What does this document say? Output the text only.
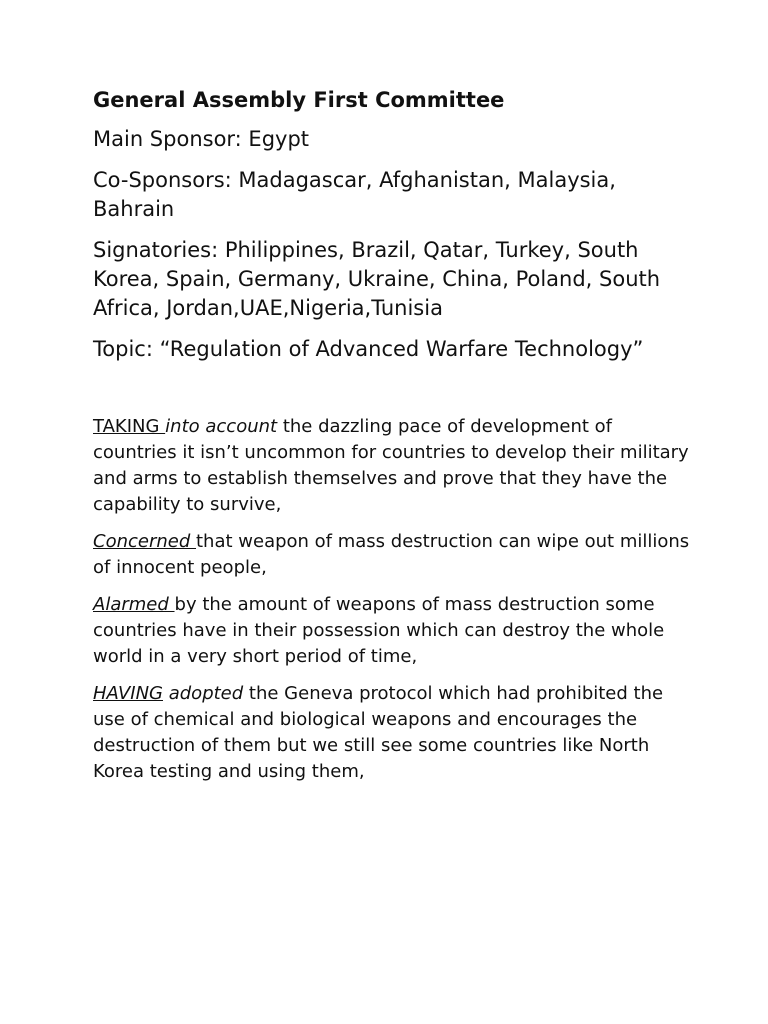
General Assembly First Committee
Main Sponsor: Egypt
Co-Sponsors: Madagascar, Afghanistan, Malaysia, Bahrain
Signatories: Philippines, Brazil, Qatar, Turkey, South Korea, Spain, Germany, Ukraine, China, Poland, South Africa, Jordan,UAE,Nigeria,Tunisia
Topic: “Regulation of Advanced Warfare Technology”

TAKING into account the dazzling pace of development of countries it isn’t uncommon for countries to develop their military and arms to establish themselves and prove that they have the capability to survive,

Concerned that weapon of mass destruction can wipe out millions of innocent people,

Alarmed by the amount of weapons of mass destruction some countries have in their possession which can destroy the whole world in a very short period of time,

HAVING adopted the Geneva protocol which had prohibited the use of chemical and biological weapons and encourages the destruction of them but we still see some countries like North Korea testing and using them,
